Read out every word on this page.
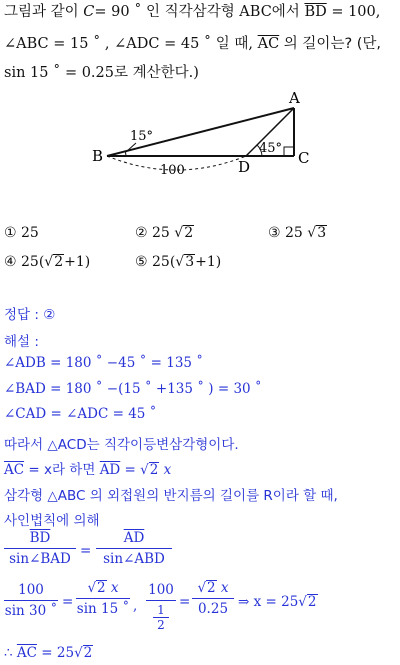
그림과 같이 C= 90 ˚ 인 직각삼각형 ABC에서 $\overline{BD} = 100$,
∠ABC = 15 ˚ , ∠ADC = 45 ˚ 일 때, $\overline{AC}$ 의 길이는? (단,
sin 15 ˚ = 0.25로 계산한다.)
A
B	C
D
15°
45°
100
① 25	② 25 √2	③ 25 √3
④ 25(√2+1)	⑤ 25(√3+1)
정답 : ②
해설 :
∠ADB = 180 ˚ −45 ˚ = 135 ˚
∠BAD = 180 ˚ −(15 ˚ +135 ˚ ) = 30 ˚
∠CAD = ∠ADC = 45 ˚
따라서 △ACD는 직각이등변삼각형이다.
$\overline{AC} = x$라 하면 $\overline{AD} = √2$ x
삼각형 △ABC 의 외접원의 반지름의 길이를 R이라 할 때,
사인법칙에 의해
$\overline{BD}$
sin∠BAD =
$\overline{AD}$
sin∠ABD
100
sin 30 ˚
=
√2 x
sin 15 ˚ ,
100
1
2
=
√2 x
0.25 ⇒ x = 25√2
∴ $\overline{AC} = 25√2$
